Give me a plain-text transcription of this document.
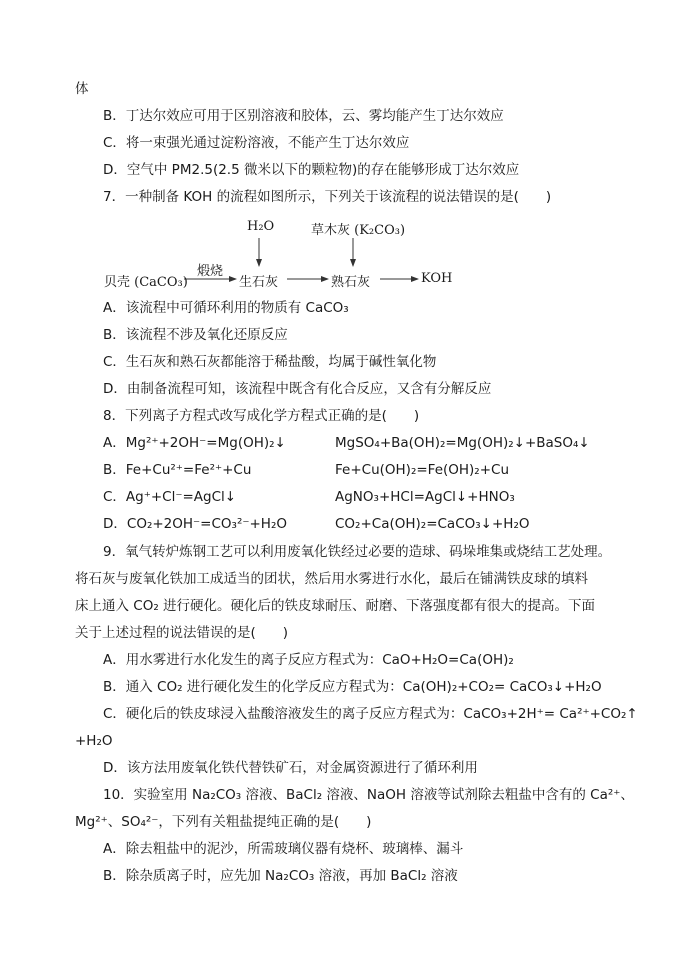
体
B．丁达尔效应可用于区别溶液和胶体，云、雾均能产生丁达尔效应
C．将一束强光通过淀粉溶液，不能产生丁达尔效应
D．空气中 PM2.5(2.5 微米以下的颗粒物)的存在能够形成丁达尔效应
7．一种制备 KOH 的流程如图所示，下列关于该流程的说法错误的是(　　)
贝壳 (CaCO₃)
煅烧
生石灰
H₂O
熟石灰
草木灰 (K₂CO₃)
KOH
A．该流程中可循环利用的物质有 CaCO₃
B．该流程不涉及氧化还原反应
C．生石灰和熟石灰都能溶于稀盐酸，均属于碱性氧化物
D．由制备流程可知，该流程中既含有化合反应，又含有分解反应
8．下列离子方程式改写成化学方程式正确的是(　　)
A．Mg²⁺+2OH⁻=Mg(OH)₂↓	MgSO₄+Ba(OH)₂=Mg(OH)₂↓+BaSO₄↓
B．Fe+Cu²⁺=Fe²⁺+Cu	Fe+Cu(OH)₂=Fe(OH)₂+Cu
C．Ag⁺+Cl⁻=AgCl↓	AgNO₃+HCl=AgCl↓+HNO₃
D．CO₂+2OH⁻=CO₃²⁻+H₂O	CO₂+Ca(OH)₂=CaCO₃↓+H₂O
9．氧气转炉炼钢工艺可以利用废氧化铁经过必要的造球、码垛堆集或烧结工艺处理。
将石灰与废氧化铁加工成适当的团状，然后用水雾进行水化，最后在铺满铁皮球的填料
床上通入 CO₂ 进行硬化。硬化后的铁皮球耐压、耐磨、下落强度都有很大的提高。下面
关于上述过程的说法错误的是(　　)
A．用水雾进行水化发生的离子反应方程式为：CaO+H₂O=Ca(OH)₂
B．通入 CO₂ 进行硬化发生的化学反应方程式为：Ca(OH)₂+CO₂= CaCO₃↓+H₂O
C．硬化后的铁皮球浸入盐酸溶液发生的离子反应方程式为：CaCO₃+2H⁺= Ca²⁺+CO₂↑
+H₂O
D．该方法用废氧化铁代替铁矿石，对金属资源进行了循环利用
10．实验室用 Na₂CO₃ 溶液、BaCl₂ 溶液、NaOH 溶液等试剂除去粗盐中含有的 Ca²⁺、
Mg²⁺、SO₄²⁻，下列有关粗盐提纯正确的是(　　)
A．除去粗盐中的泥沙，所需玻璃仪器有烧杯、玻璃棒、漏斗
B．除杂质离子时，应先加 Na₂CO₃ 溶液，再加 BaCl₂ 溶液
